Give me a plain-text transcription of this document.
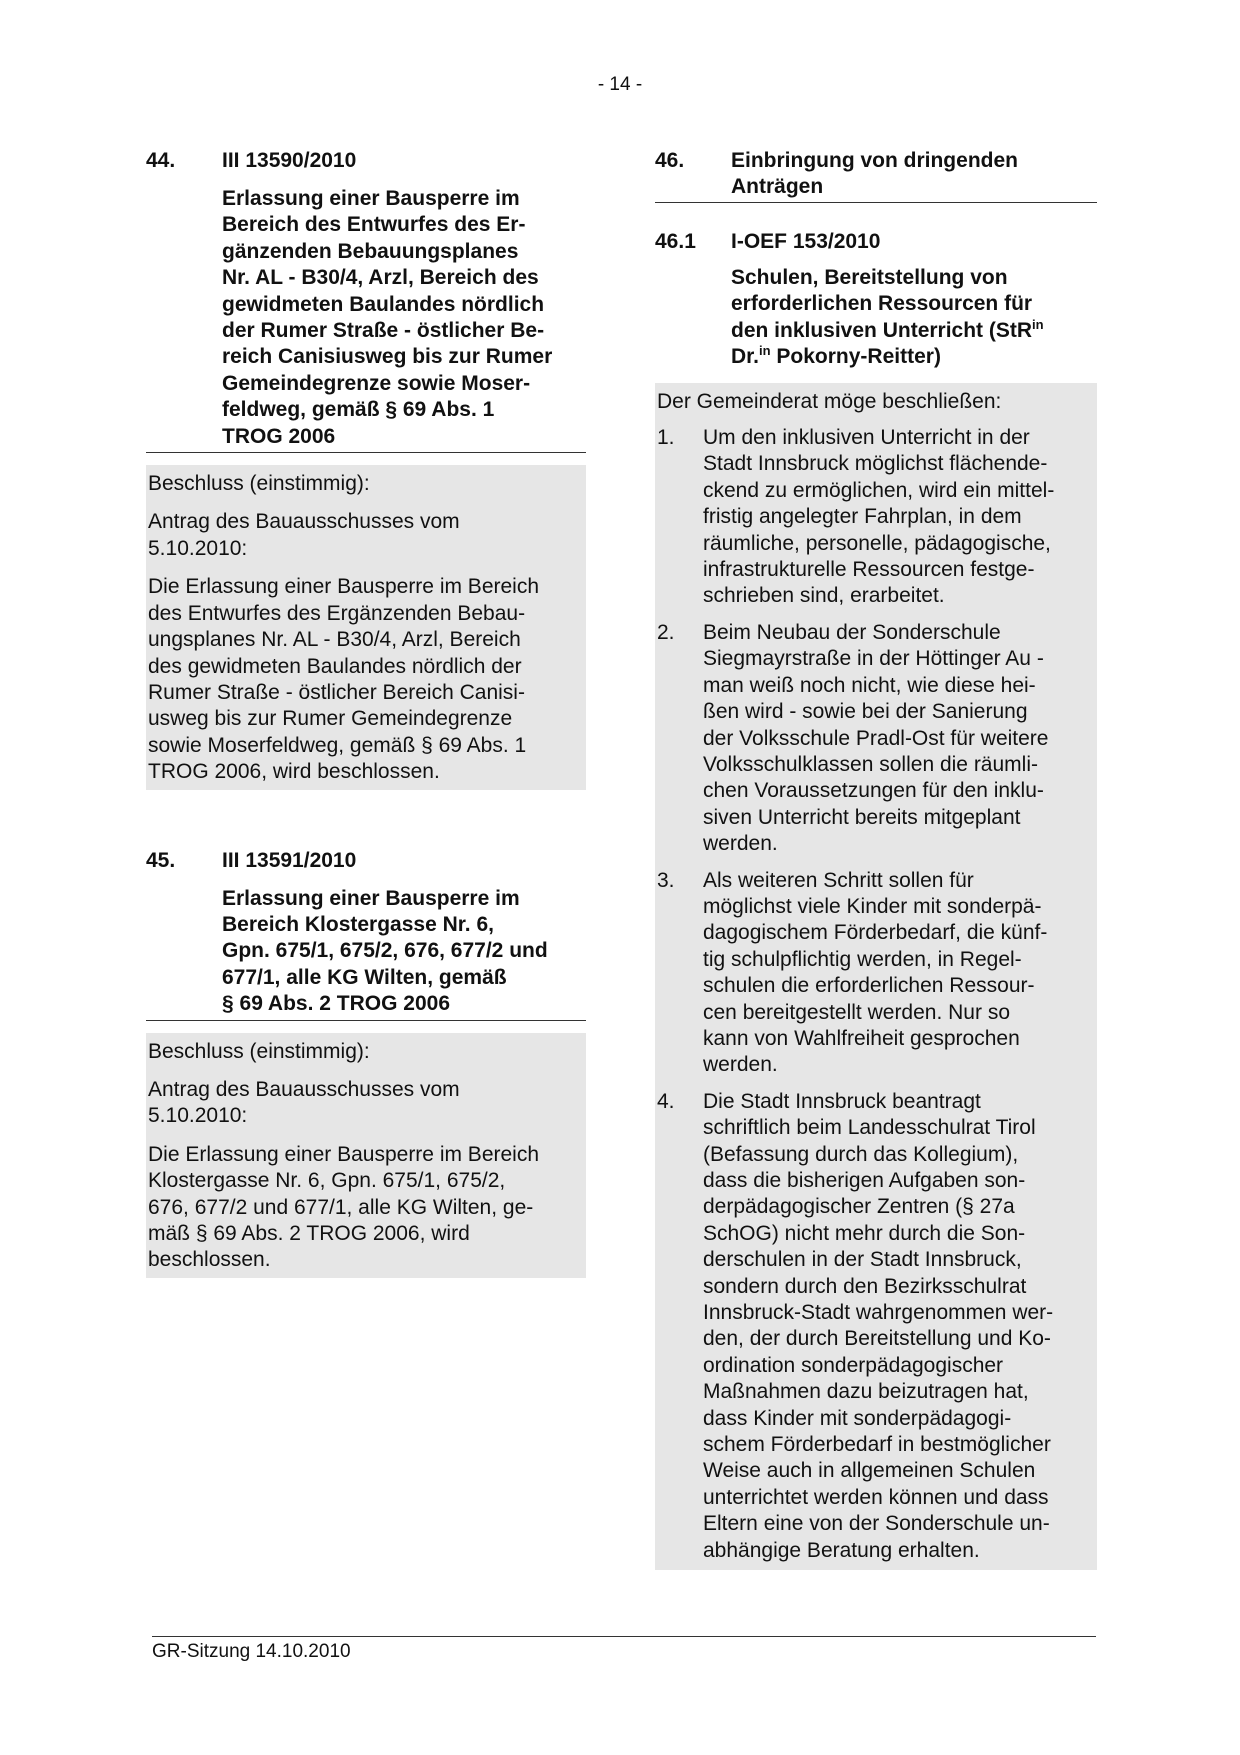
- 14 -
44.	III 13590/2010
Erlassung einer Bausperre im
Bereich des Entwurfes des Er-
gänzenden Bebauungsplanes
Nr. AL - B30/4, Arzl, Bereich des
gewidmeten Baulandes nördlich
der Rumer Straße - östlicher Be-
reich Canisiusweg bis zur Rumer
Gemeindegrenze sowie Moser-
feldweg, gemäß § 69 Abs. 1
TROG 2006

Beschluss (einstimmig):

Antrag des Bauausschusses vom
5.10.2010:

Die Erlassung einer Bausperre im Bereich
des Entwurfes des Ergänzenden Bebau-
ungsplanes Nr. AL - B30/4, Arzl, Bereich
des gewidmeten Baulandes nördlich der
Rumer Straße - östlicher Bereich Canisi-
usweg bis zur Rumer Gemeindegrenze
sowie Moserfeldweg, gemäß § 69 Abs. 1
TROG 2006, wird beschlossen.

45.	III 13591/2010
Erlassung einer Bausperre im
Bereich Klostergasse Nr. 6,
Gpn. 675/1, 675/2, 676, 677/2 und
677/1, alle KG Wilten, gemäß
§ 69 Abs. 2 TROG 2006

Beschluss (einstimmig):

Antrag des Bauausschusses vom
5.10.2010:

Die Erlassung einer Bausperre im Bereich
Klostergasse Nr. 6, Gpn. 675/1, 675/2,
676, 677/2 und 677/1, alle KG Wilten, ge-
mäß § 69 Abs. 2 TROG 2006, wird
beschlossen.

46.	Einbringung von dringenden
Anträgen
46.1	I-OEF 153/2010
Schulen, Bereitstellung von
erforderlichen Ressourcen für
den inklusiven Unterricht (StR$^{in}$
Dr.$^{in}$ Pokorny-Reitter)
Der Gemeinderat möge beschließen:
1.	Um den inklusiven Unterricht in der
Stadt Innsbruck möglichst flächende-
ckend zu ermöglichen, wird ein mittel-
fristig angelegter Fahrplan, in dem
räumliche, personelle, pädagogische,
infrastrukturelle Ressourcen festge-
schrieben sind, erarbeitet.
2.	Beim Neubau der Sonderschule
Siegmayrstraße in der Höttinger Au -
man weiß noch nicht, wie diese hei-
ßen wird - sowie bei der Sanierung
der Volksschule Pradl-Ost für weitere
Volksschulklassen sollen die räumli-
chen Voraussetzungen für den inklu-
siven Unterricht bereits mitgeplant
werden.
3.	Als weiteren Schritt sollen für
möglichst viele Kinder mit sonderpä-
dagogischem Förderbedarf, die künf-
tig schulpflichtig werden, in Regel-
schulen die erforderlichen Ressour-
cen bereitgestellt werden. Nur so
kann von Wahlfreiheit gesprochen
werden.
4.	Die Stadt Innsbruck beantragt
schriftlich beim Landesschulrat Tirol
(Befassung durch das Kollegium),
dass die bisherigen Aufgaben son-
derpädagogischer Zentren (§ 27a
SchOG) nicht mehr durch die Son-
derschulen in der Stadt Innsbruck,
sondern durch den Bezirksschulrat
Innsbruck-Stadt wahrgenommen wer-
den, der durch Bereitstellung und Ko-
ordination sonderpädagogischer
Maßnahmen dazu beizutragen hat,
dass Kinder mit sonderpädagogi-
schem Förderbedarf in bestmöglicher
Weise auch in allgemeinen Schulen
unterrichtet werden können und dass
Eltern eine von der Sonderschule un-
abhängige Beratung erhalten.
GR-Sitzung 14.10.2010
